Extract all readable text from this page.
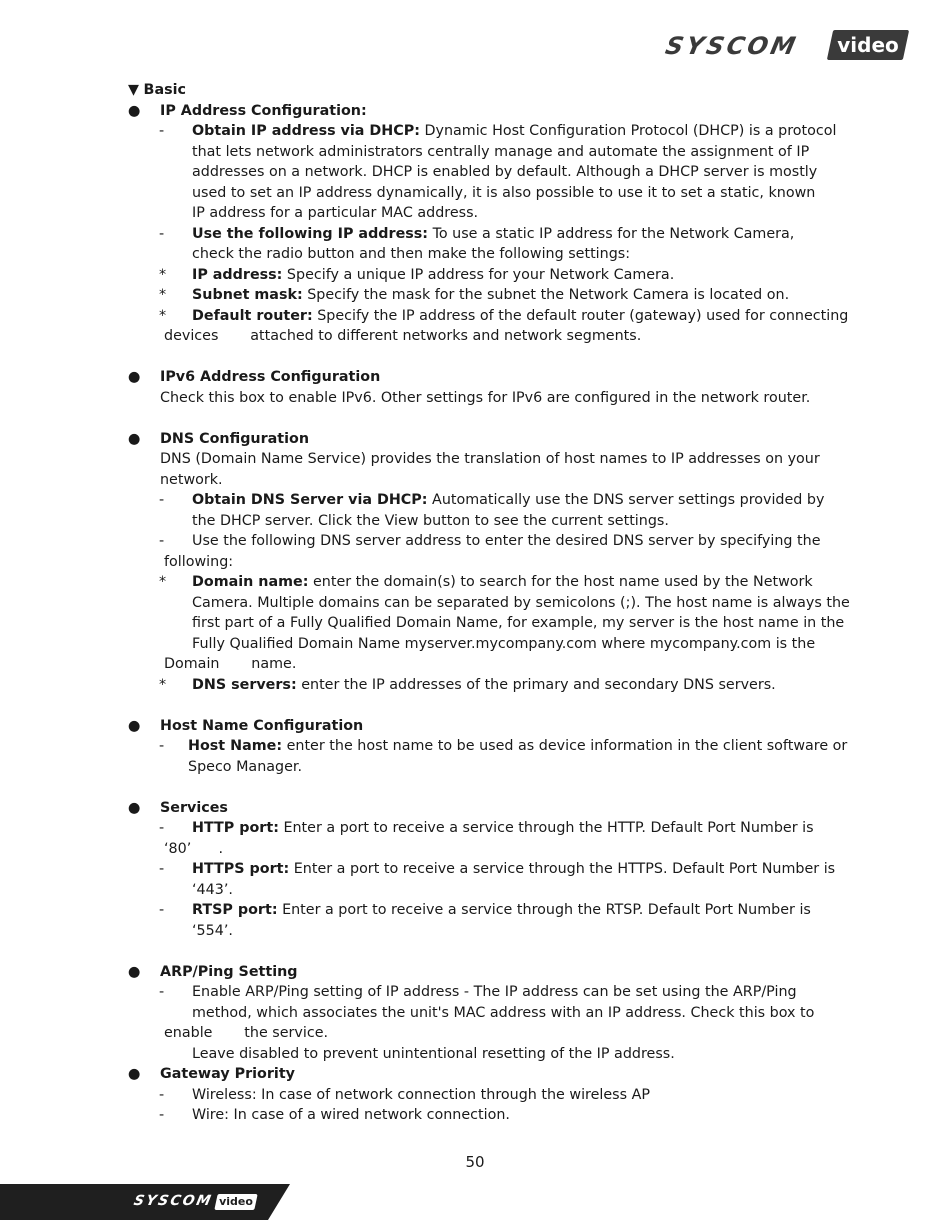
SYSCOM	video
▼ Basic
● IP Address Configuration:
- Obtain IP address via DHCP: Dynamic Host Configuration Protocol (DHCP) is a protocol
that lets network administrators centrally manage and automate the assignment of IP
addresses on a network. DHCP is enabled by default. Although a DHCP server is mostly
used to set an IP address dynamically, it is also possible to use it to set a static, known
IP address for a particular MAC address.
- Use the following IP address: To use a static IP address for the Network Camera,
check the radio button and then make the following settings:
* IP address: Specify a unique IP address for your Network Camera.
* Subnet mask: Specify the mask for the subnet the Network Camera is located on.
* Default router: Specify the IP address of the default router (gateway) used for connecting
devices       attached to different networks and network segments.
● IPv6 Address Configuration
Check this box to enable IPv6. Other settings for IPv6 are configured in the network router.
● DNS Configuration
DNS (Domain Name Service) provides the translation of host names to IP addresses on your
network.
- Obtain DNS Server via DHCP: Automatically use the DNS server settings provided by
the DHCP server. Click the View button to see the current settings.
- Use the following DNS server address to enter the desired DNS server by specifying the
following:
* Domain name: enter the domain(s) to search for the host name used by the Network
Camera. Multiple domains can be separated by semicolons (;). The host name is always the
first part of a Fully Qualified Domain Name, for example, my server is the host name in the
Fully Qualified Domain Name myserver.mycompany.com where mycompany.com is the
Domain       name.
* DNS servers: enter the IP addresses of the primary and secondary DNS servers.
● Host Name Configuration
- Host Name: enter the host name to be used as device information in the client software or
Speco Manager.
● Services
- HTTP port: Enter a port to receive a service through the HTTP. Default Port Number is
‘80’      .
- HTTPS port: Enter a port to receive a service through the HTTPS. Default Port Number is
‘443’.
- RTSP port: Enter a port to receive a service through the RTSP. Default Port Number is
‘554’.
● ARP/Ping Setting
- Enable ARP/Ping setting of IP address - The IP address can be set using the ARP/Ping
method, which associates the unit's MAC address with an IP address. Check this box to
enable       the service.
Leave disabled to prevent unintentional resetting of the IP address.
● Gateway Priority
- Wireless: In case of network connection through the wireless AP
- Wire: In case of a wired network connection.
50
SYSCOM video
